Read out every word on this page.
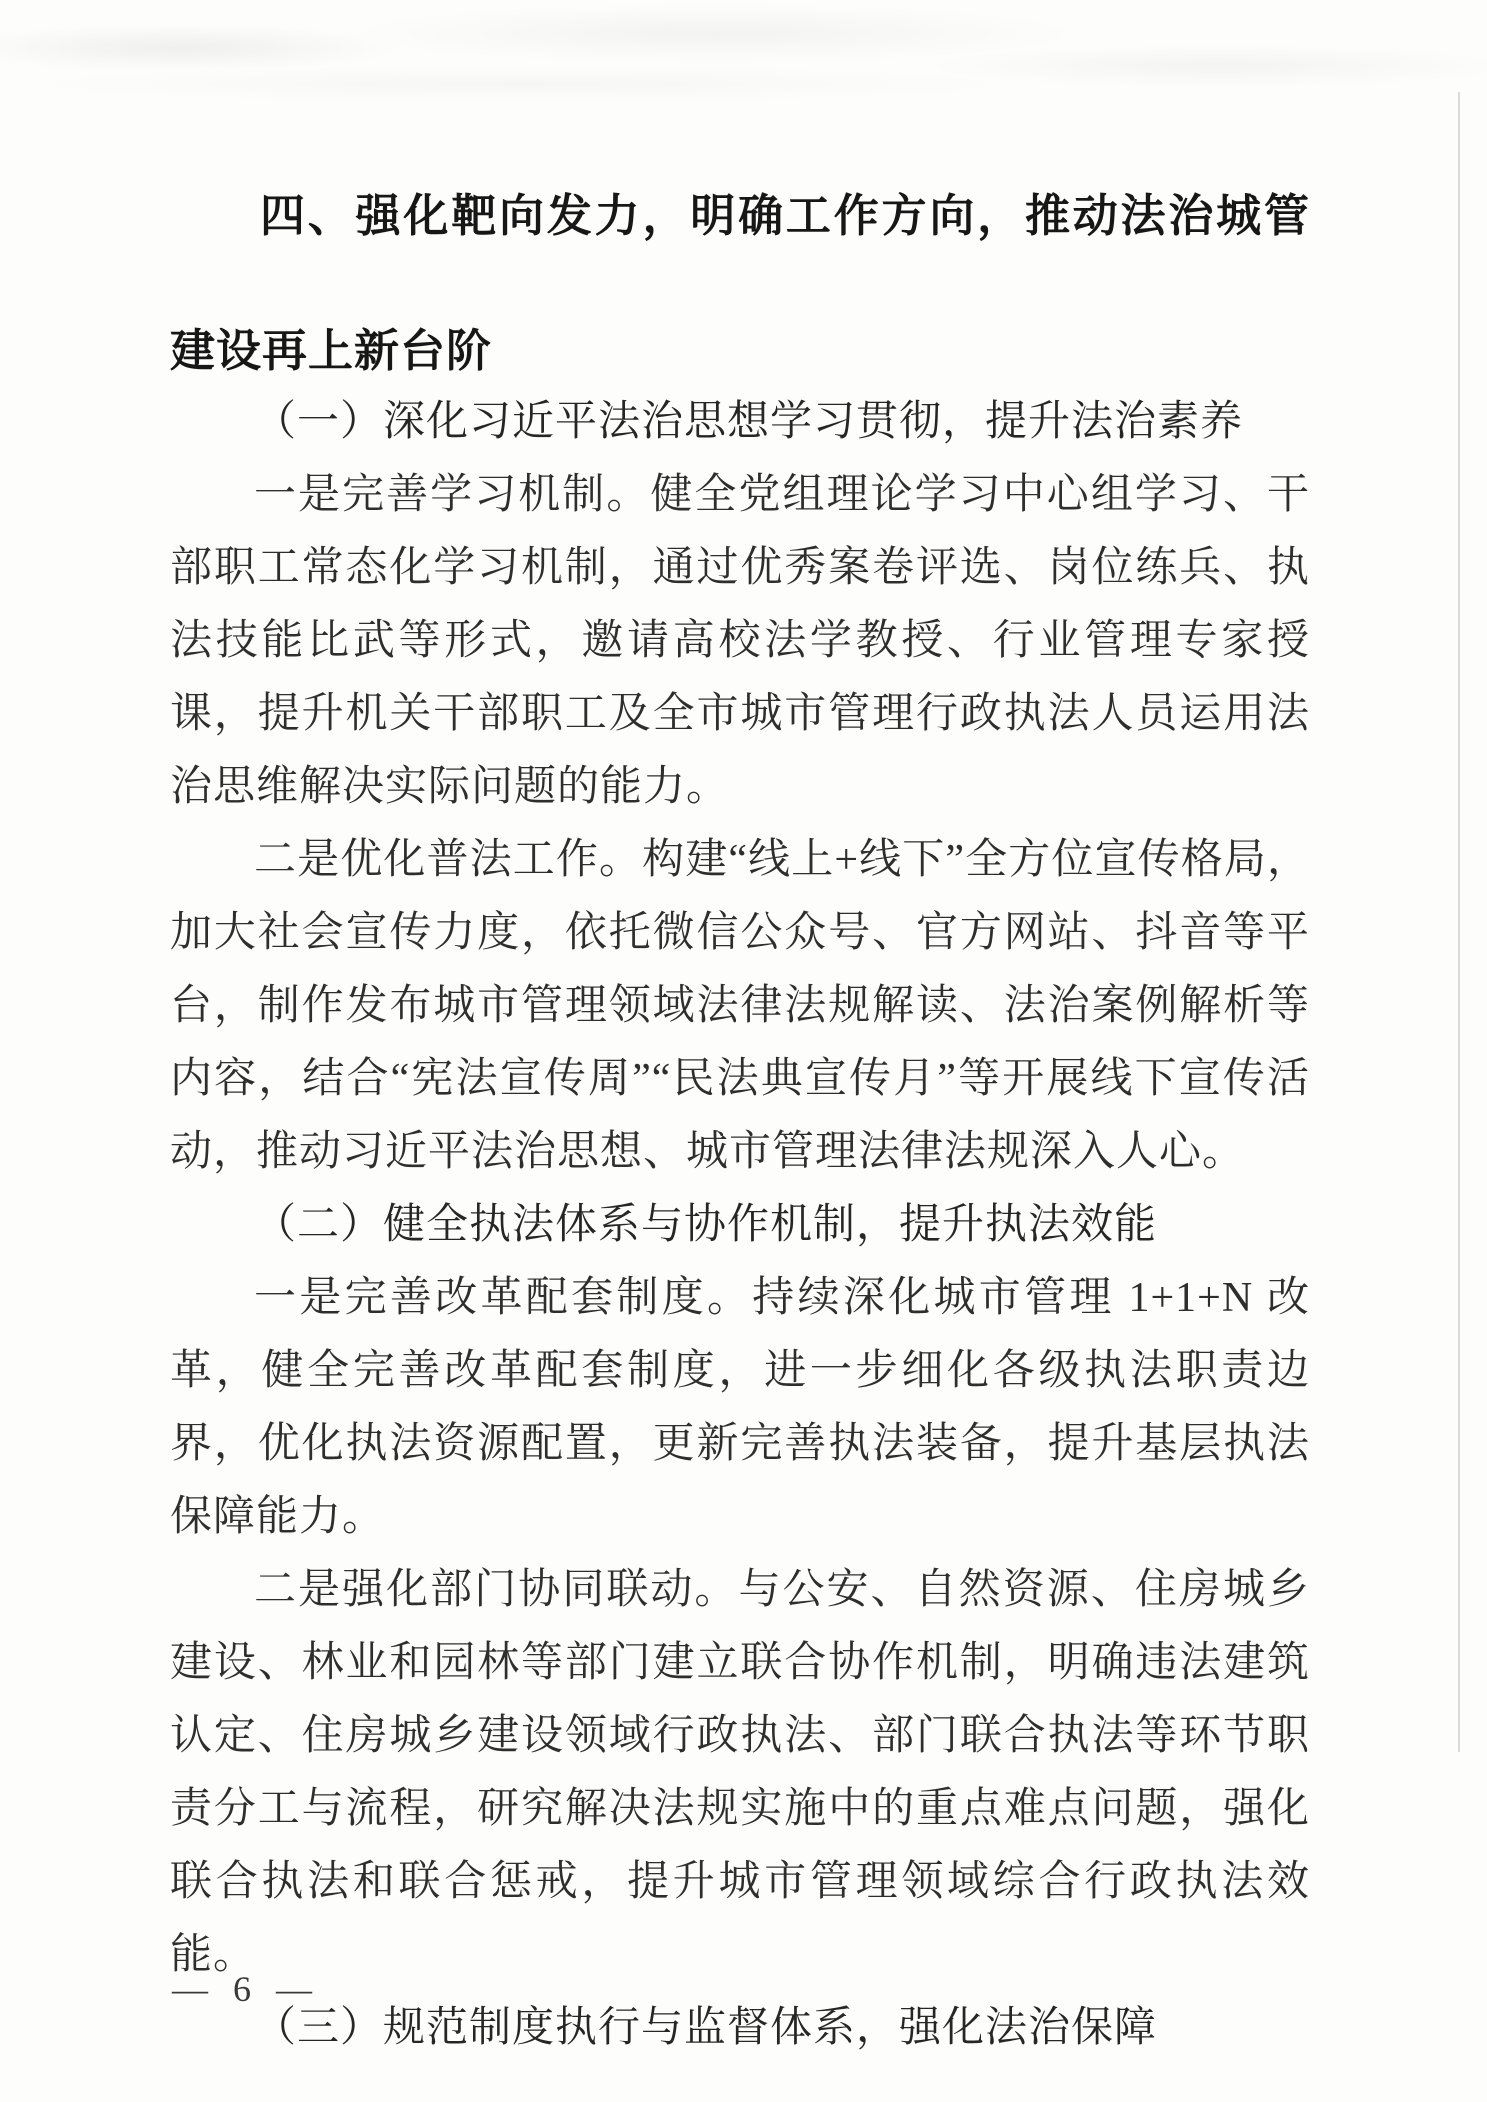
四、强化靶向发力，明确工作方向，推动法治城管建设再上新台阶
（一）深化习近平法治思想学习贯彻，提升法治素养

一是完善学习机制。健全党组理论学习中心组学习、干部职工常态化学习机制，通过优秀案卷评选、岗位练兵、执法技能比武等形式，邀请高校法学教授、行业管理专家授课，提升机关干部职工及全市城市管理行政执法人员运用法治思维解决实际问题的能力。

二是优化普法工作。构建“线上+线下”全方位宣传格局，加大社会宣传力度，依托微信公众号、官方网站、抖音等平台，制作发布城市管理领域法律法规解读、法治案例解析等内容，结合“宪法宣传周”“民法典宣传月”等开展线下宣传活动，推动习近平法治思想、城市管理法律法规深入人心。

（二）健全执法体系与协作机制，提升执法效能

一是完善改革配套制度。持续深化城市管理 1+1+N 改革，健全完善改革配套制度，进一步细化各级执法职责边界，优化执法资源配置，更新完善执法装备，提升基层执法保障能力。

二是强化部门协同联动。与公安、自然资源、住房城乡建设、林业和园林等部门建立联合协作机制，明确违法建筑认定、住房城乡建设领域行政执法、部门联合执法等环节职责分工与流程，研究解决法规实施中的重点难点问题，强化联合执法和联合惩戒，提升城市管理领域综合行政执法效能。

（三）规范制度执行与监督体系，强化法治保障
— 6 —
